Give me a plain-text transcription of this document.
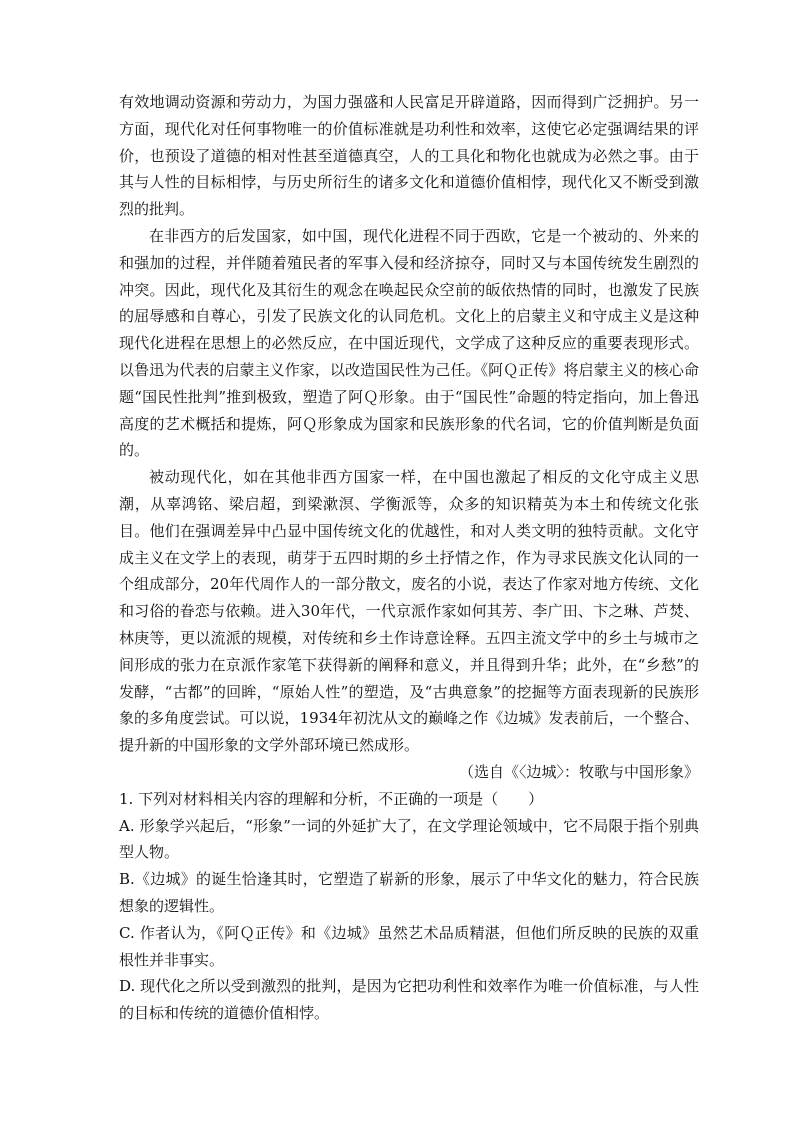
有效地调动资源和劳动力，为国力强盛和人民富足开辟道路，因而得到广泛拥护。另一方面，现代化对任何事物唯一的价值标准就是功利性和效率，这使它必定强调结果的评价，也预设了道德的相对性甚至道德真空，人的工具化和物化也就成为必然之事。由于其与人性的目标相悖，与历史所衍生的诸多文化和道德价值相悖，现代化又不断受到激烈的批判。

在非西方的后发国家，如中国，现代化进程不同于西欧，它是一个被动的、外来的和强加的过程，并伴随着殖民者的军事入侵和经济掠夺，同时又与本国传统发生剧烈的冲突。因此，现代化及其衍生的观念在唤起民众空前的皈依热情的同时，也激发了民族的屈辱感和自尊心，引发了民族文化的认同危机。文化上的启蒙主义和守成主义是这种现代化进程在思想上的必然反应，在中国近现代，文学成了这种反应的重要表现形式。以鲁迅为代表的启蒙主义作家，以改造国民性为己任。《阿Ｑ正传》将启蒙主义的核心命题“国民性批判”推到极致，塑造了阿Ｑ形象。由于“国民性”命题的特定指向，加上鲁迅高度的艺术概括和提炼，阿Ｑ形象成为国家和民族形象的代名词，它的价值判断是负面的。

被动现代化，如在其他非西方国家一样，在中国也激起了相反的文化守成主义思潮，从辜鸿铭、梁启超，到梁漱溟、学衡派等，众多的知识精英为本土和传统文化张目。他们在强调差异中凸显中国传统文化的优越性，和对人类文明的独特贡献。文化守成主义在文学上的表现，萌芽于五四时期的乡土抒情之作，作为寻求民族文化认同的一个组成部分，20年代周作人的一部分散文，废名的小说，表达了作家对地方传统、文化和习俗的眷恋与依赖。进入30年代，一代京派作家如何其芳、李广田、卞之琳、芦焚、林庚等，更以流派的规模，对传统和乡土作诗意诠释。五四主流文学中的乡土与城市之间形成的张力在京派作家笔下获得新的阐释和意义，并且得到升华；此外，在“乡愁”的发酵，“古都”的回眸，“原始人性”的塑造，及“古典意象”的挖掘等方面表现新的民族形象的多角度尝试。可以说，1934年初沈从文的巅峰之作《边城》发表前后，一个整合、提升新的中国形象的文学外部环境已然成形。

（选自《〈边城〉：牧歌与中国形象》

1. 下列对材料相关内容的理解和分析，不正确的一项是（　　）

A. 形象学兴起后，“形象”一词的外延扩大了，在文学理论领域中，它不局限于指个别典型人物。

B.《边城》的诞生恰逢其时，它塑造了崭新的形象，展示了中华文化的魅力，符合民族想象的逻辑性。

C. 作者认为，《阿Ｑ正传》和《边城》虽然艺术品质精湛，但他们所反映的民族的双重根性并非事实。

D. 现代化之所以受到激烈的批判，是因为它把功利性和效率作为唯一价值标准，与人性的目标和传统的道德价值相悖。
